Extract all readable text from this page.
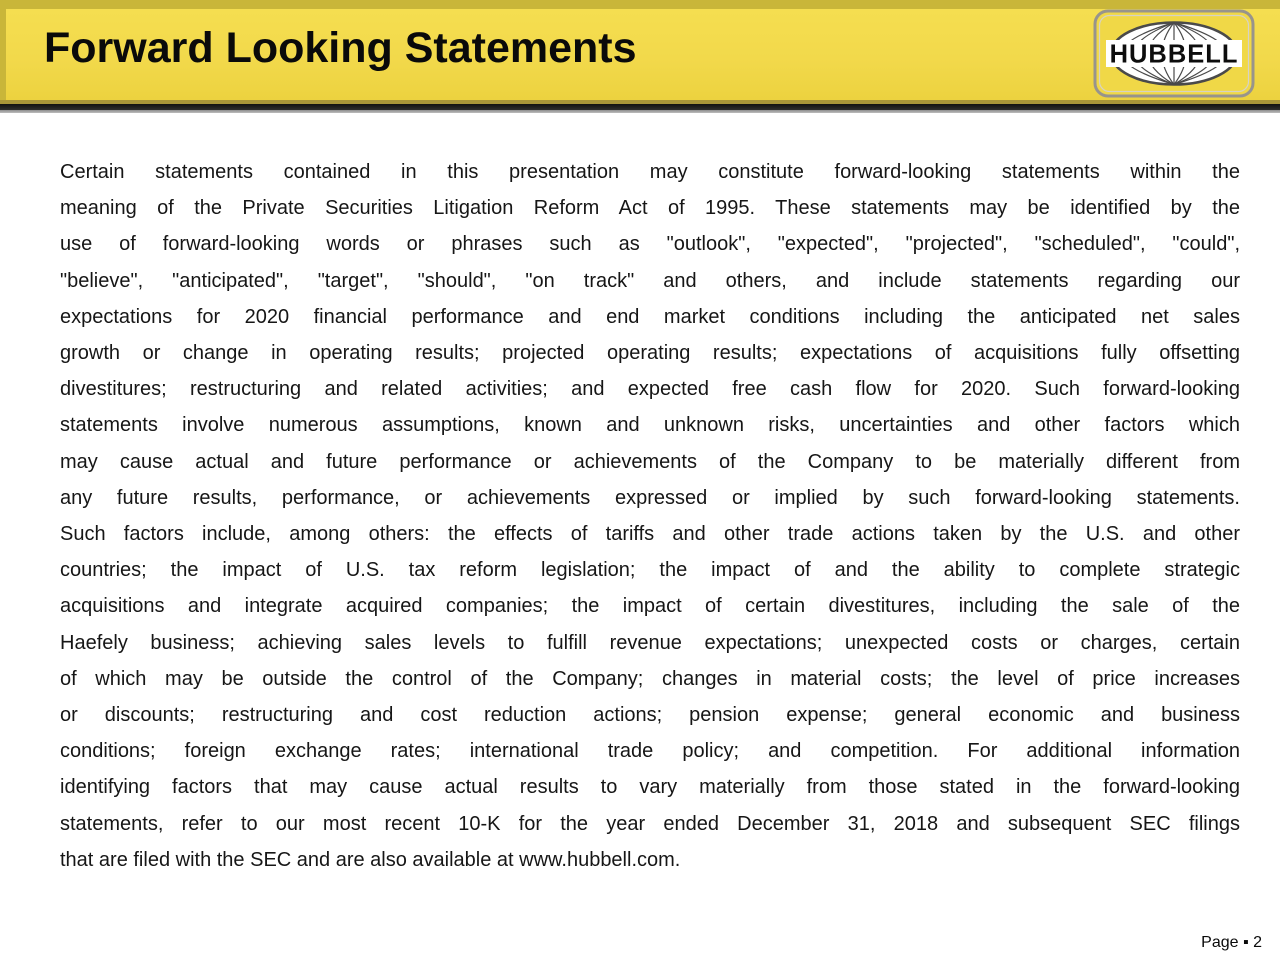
Forward Looking Statements	HUBBELL
Certain statements contained in this presentation may constitute forward-looking statements within the
meaning of the Private Securities Litigation Reform Act of 1995. These statements may be identified by the
use of forward-looking words or phrases such as "outlook", "expected", "projected", "scheduled", "could",
"believe", "anticipated", "target", "should", "on track" and others, and include statements regarding our
expectations for 2020 financial performance and end market conditions including the anticipated net sales
growth or change in operating results; projected operating results; expectations of acquisitions fully offsetting
divestitures; restructuring and related activities; and expected free cash flow for 2020. Such forward-looking
statements involve numerous assumptions, known and unknown risks, uncertainties and other factors which
may cause actual and future performance or achievements of the Company to be materially different from
any future results, performance, or achievements expressed or implied by such forward-looking statements.
Such factors include, among others: the effects of tariffs and other trade actions taken by the U.S. and other
countries; the impact of U.S. tax reform legislation; the impact of and the ability to complete strategic
acquisitions and integrate acquired companies; the impact of certain divestitures, including the sale of the
Haefely business; achieving sales levels to fulfill revenue expectations; unexpected costs or charges, certain
of which may be outside the control of the Company; changes in material costs; the level of price increases
or discounts; restructuring and cost reduction actions; pension expense; general economic and business
conditions; foreign exchange rates; international trade policy; and competition. For additional information
identifying factors that may cause actual results to vary materially from those stated in the forward-looking
statements, refer to our most recent 10-K for the year ended December 31, 2018 and subsequent SEC filings
that are filed with the SEC and are also available at www.hubbell.com.
Page ▪ 2
